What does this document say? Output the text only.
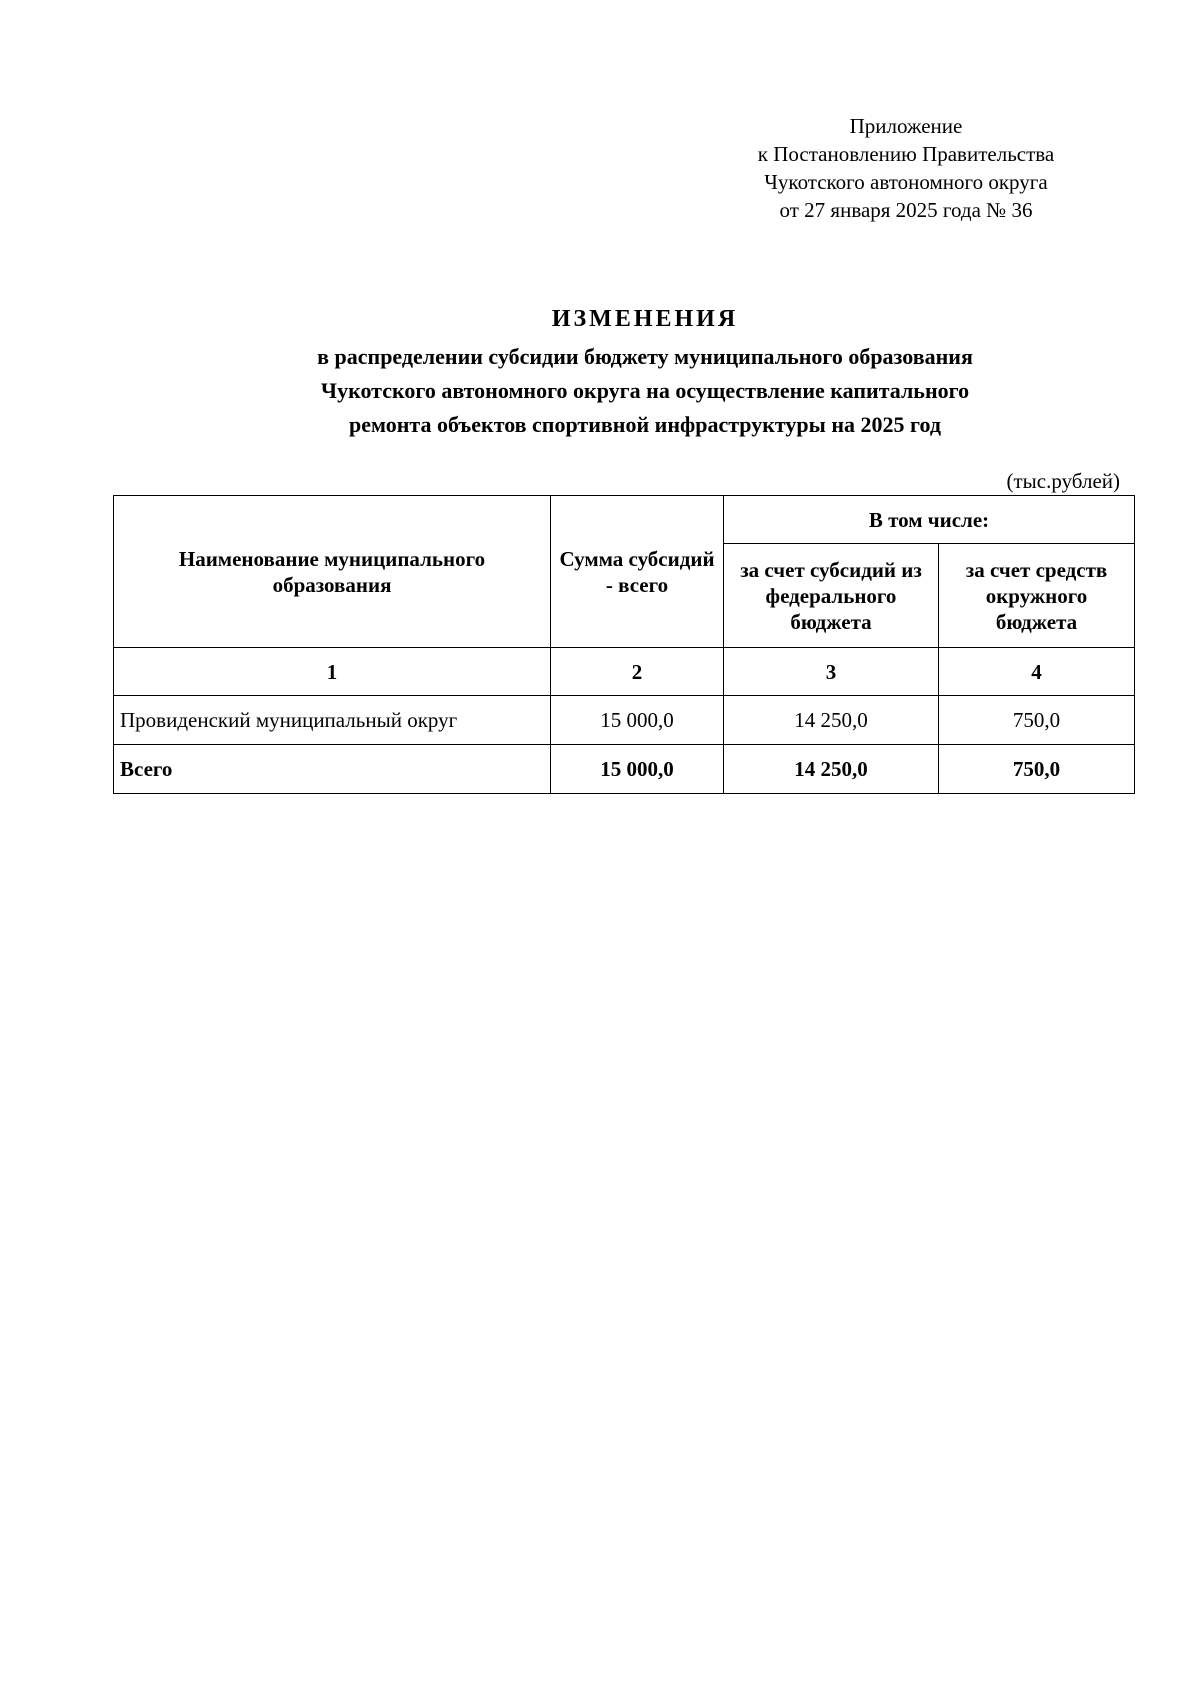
Приложение
к Постановлению Правительства
Чукотского автономного округа
от 27 января 2025 года № 36
ИЗМЕНЕНИЯ
в распределении субсидии бюджету муниципального образования
Чукотского автономного округа на осуществление капитального
ремонта объектов спортивной инфраструктуры на 2025 год
(тыс.рублей)
Наименование муниципального образования	Сумма субсидий - всего	В том числе:	
		за счет субсидий из федерального бюджета	за счет средств окружного бюджета
1	2	3	4
Провиденский муниципальный округ	15 000,0	14 250,0	750,0
Всего	15 000,0	14 250,0	750,0
